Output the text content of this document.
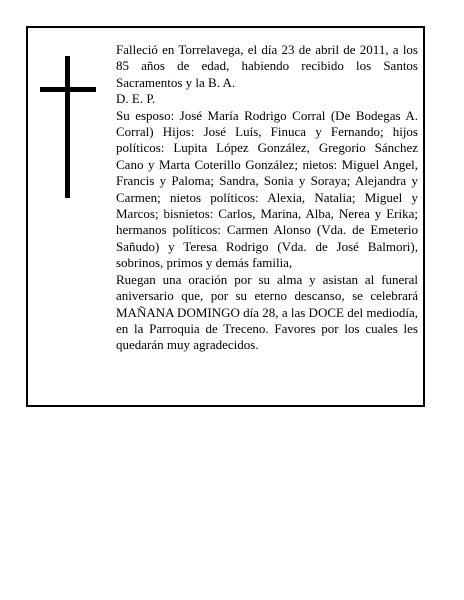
Falleció en Torrelavega, el día 23 de abril de 2011, a los 85 años de edad, habiendo recibido los Santos Sacramentos y la B. A.

D. E. P.

Su esposo: José María Rodrigo Corral (De Bodegas A. Corral) Hijos: José Luís, Finuca y Fernando; hijos políticos: Lupita López González, Gregorio Sánchez Cano y Marta Coterillo González; nietos: Miguel Angel, Francis y Paloma; Sandra, Sonia y Soraya; Alejandra y Carmen; nietos políticos: Alexia, Natalia; Miguel y Marcos; bisnietos: Carlos, Marina, Alba, Nerea y Erika; hermanos políticos: Carmen Alonso (Vda. de Emeterio Sañudo) y Teresa Rodrigo (Vda. de José Balmori), sobrinos, primos y demás familia,

Ruegan una oración por su alma y asistan al funeral aniversario que, por su eterno descanso, se celebrará MAÑANA DOMINGO día 28, a las DOCE del mediodía, en la Parroquia de Treceno. Favores por los cuales les quedarán muy agradecidos.
